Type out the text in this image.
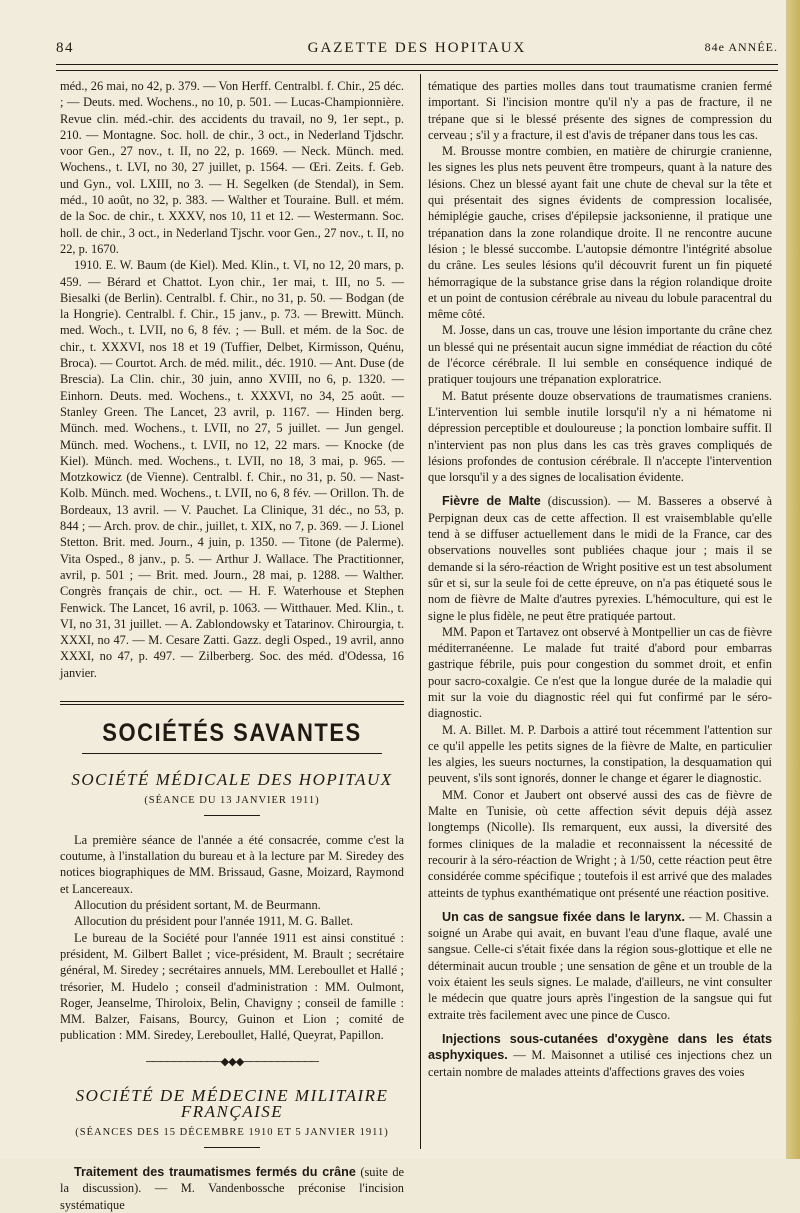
84	GAZETTE DES HOPITAUX	84e ANNÉE.

méd., 26 mai, no 42, p. 379. — Von Herff. Centralbl. f. Chir., 25 déc. ; — Deuts. med. Wochens., no 10, p. 501. — Lucas-Championnière. Revue clin. méd.-chir. des accidents du travail, no 9, 1er sept., p. 210. — Montagne. Soc. holl. de chir., 3 oct., in Nederland Tjdschr. voor Gen., 27 nov., t. II, no 22, p. 1669. — Neck. Münch. med. Wochens., t. LVI, no 30, 27 juillet, p. 1564. — Œri. Zeits. f. Geb. und Gyn., vol. LXIII, no 3. — H. Segelken (de Stendal), in Sem. méd., 10 août, no 32, p. 383. — Walther et Touraine. Bull. et mém. de la Soc. de chir., t. XXXV, nos 10, 11 et 12. — Westermann. Soc. holl. de chir., 3 oct., in Nederland Tjschr. voor Gen., 27 nov., t. II, no 22, p. 1670.

1910. E. W. Baum (de Kiel). Med. Klin., t. VI, no 12, 20 mars, p. 459. — Bérard et Chattot. Lyon chir., 1er mai, t. III, no 5. — Biesalki (de Berlin). Centralbl. f. Chir., no 31, p. 50. — Bodgan (de la Hongrie). Centralbl. f. Chir., 15 janv., p. 73. — Brewitt. Münch. med. Woch., t. LVII, no 6, 8 fév. ; — Bull. et mém. de la Soc. de chir., t. XXXVI, nos 18 et 19 (Tuffier, Delbet, Kirmisson, Quénu, Broca). — Courtot. Arch. de méd. milit., déc. 1910. — Ant. Duse (de Brescia). La Clin. chir., 30 juin, anno XVIII, no 6, p. 1320. — Einhorn. Deuts. med. Wochens., t. XXXVI, no 34, 25 août. — Stanley Green. The Lancet, 23 avril, p. 1167. — Hinden berg. Münch. med. Wochens., t. LVII, no 27, 5 juillet. — Jun gengel. Münch. med. Wochens., t. LVII, no 12, 22 mars. — Knocke (de Kiel). Münch. med. Wochens., t. LVII, no 18, 3 mai, p. 965. — Motzkowicz (de Vienne). Centralbl. f. Chir., no 31, p. 50. — Nast-Kolb. Münch. med. Wochens., t. LVII, no 6, 8 fév. — Orillon. Th. de Bordeaux, 13 avril. — V. Pauchet. La Clinique, 31 déc., no 53, p. 844 ; — Arch. prov. de chir., juillet, t. XIX, no 7, p. 369. — J. Lionel Stetton. Brit. med. Journ., 4 juin, p. 1350. — Titone (de Palerme). Vita Osped., 8 janv., p. 5. — Arthur J. Wallace. The Practitionner, avril, p. 501 ; — Brit. med. Journ., 28 mai, p. 1288. — Walther. Congrès français de chir., oct. — H. F. Waterhouse et Stephen Fenwick. The Lancet, 16 avril, p. 1063. — Witthauer. Med. Klin., t. VI, no 31, 31 juillet. — A. Zablondowsky et Tatarinov. Chirourgia, t. XXXI, no 47. — M. Cesare Zatti. Gazz. degli Osped., 19 avril, anno XXXI, no 47, p. 497. — Zilberberg. Soc. des méd. d'Odessa, 16 janvier.

SOCIÉTÉS SAVANTES
SOCIÉTÉ MÉDICALE DES HOPITAUX
(SÉANCE DU 13 JANVIER 1911)

La première séance de l'année a été consacrée, comme c'est la coutume, à l'installation du bureau et à la lecture par M. Siredey des notices biographiques de MM. Brissaud, Gasne, Moizard, Raymond et Lancereaux.

Allocution du président sortant, M. de Beurmann.

Allocution du président pour l'année 1911, M. G. Ballet.

Le bureau de la Société pour l'année 1911 est ainsi constitué : président, M. Gilbert Ballet ; vice-président, M. Brault ; secrétaire général, M. Siredey ; secrétaires annuels, MM. Lereboullet et Hallé ; trésorier, M. Hudelo ; conseil d'administration : MM. Oulmont, Roger, Jeanselme, Thiroloix, Belin, Chavigny ; conseil de famille : MM. Balzer, Faisans, Bourcy, Guinon et Lion ; comité de publication : MM. Siredey, Lereboullet, Hallé, Queyrat, Papillon.

───────────◆◆◆───────────
SOCIÉTÉ DE MÉDECINE MILITAIRE FRANÇAISE
(SÉANCES DES 15 DÉCEMBRE 1910 ET 5 JANVIER 1911)

Traitement des traumatismes fermés du crâne (suite de la discussion). — M. Vandenbossche préconise l'incision systématique

tématique des parties molles dans tout traumatisme cranien fermé important. Si l'incision montre qu'il n'y a pas de fracture, il ne trépane que si le blessé présente des signes de compression du cerveau ; s'il y a fracture, il est d'avis de trépaner dans tous les cas.

M. Brousse montre combien, en matière de chirurgie cranienne, les signes les plus nets peuvent être trompeurs, quant à la nature des lésions. Chez un blessé ayant fait une chute de cheval sur la tête et qui présentait des signes évidents de compression localisée, hémiplégie gauche, crises d'épilepsie jacksonienne, il pratique une trépanation dans la zone rolandique droite. Il ne rencontre aucune lésion ; le blessé succombe. L'autopsie démontre l'intégrité absolue du crâne. Les seules lésions qu'il découvrit furent un fin piqueté hémorragique de la substance grise dans la région rolandique droite et un point de contusion cérébrale au niveau du lobule paracentral du même côté.

M. Josse, dans un cas, trouve une lésion importante du crâne chez un blessé qui ne présentait aucun signe immédiat de réaction du côté de l'écorce cérébrale. Il lui semble en conséquence indiqué de pratiquer toujours une trépanation exploratrice.

M. Batut présente douze observations de traumatismes craniens. L'intervention lui semble inutile lorsqu'il n'y a ni hématome ni dépression perceptible et douloureuse ; la ponction lombaire suffit. Il n'intervient pas non plus dans les cas très graves compliqués de lésions profondes de contusion cérébrale. Il n'accepte l'intervention que lorsqu'il y a des signes de localisation évidente.

Fièvre de Malte (discussion). — M. Basseres a observé à Perpignan deux cas de cette affection. Il est vraisemblable qu'elle tend à se diffuser actuellement dans le midi de la France, car des observations nouvelles sont publiées chaque jour ; mais il se demande si la séro-réaction de Wright positive est un test absolument sûr et si, sur la seule foi de cette épreuve, on n'a pas étiqueté sous le nom de fièvre de Malte d'autres pyrexies. L'hémoculture, qui est le signe le plus fidèle, ne peut être pratiquée partout.

MM. Papon et Tartavez ont observé à Montpellier un cas de fièvre méditerranéenne. Le malade fut traité d'abord pour embarras gastrique fébrile, puis pour congestion du sommet droit, et enfin pour sacro-coxalgie. Ce n'est que la longue durée de la maladie qui mit sur la voie du diagnostic réel qui fut confirmé par le séro-diagnostic.

M. A. Billet. M. P. Darbois a attiré tout récemment l'attention sur ce qu'il appelle les petits signes de la fièvre de Malte, en particulier les algies, les sueurs nocturnes, la constipation, la desquamation qui peuvent, s'ils sont ignorés, donner le change et égarer le diagnostic.

MM. Conor et Jaubert ont observé aussi des cas de fièvre de Malte en Tunisie, où cette affection sévit depuis déjà assez longtemps (Nicolle). Ils remarquent, eux aussi, la diversité des formes cliniques de la maladie et reconnaissent la nécessité de recourir à la séro-réaction de Wright ; à 1/50, cette réaction peut être considérée comme spécifique ; toutefois il est arrivé que des malades atteints de typhus exanthématique ont présenté une réaction positive.

Un cas de sangsue fixée dans le larynx. — M. Chassin a soigné un Arabe qui avait, en buvant l'eau d'une flaque, avalé une sangsue. Celle-ci s'était fixée dans la région sous-glottique et elle ne déterminait aucun trouble ; une sensation de gêne et un trouble de la voix étaient les seuls signes. Le malade, d'ailleurs, ne vint consulter le médecin que quatre jours après l'ingestion de la sangsue qui fut extraite très facilement avec une pince de Cusco.

Injections sous-cutanées d'oxygène dans les états asphyxiques. — M. Maisonnet a utilisé ces injections chez un certain nombre de malades atteints d'affections graves des voies
